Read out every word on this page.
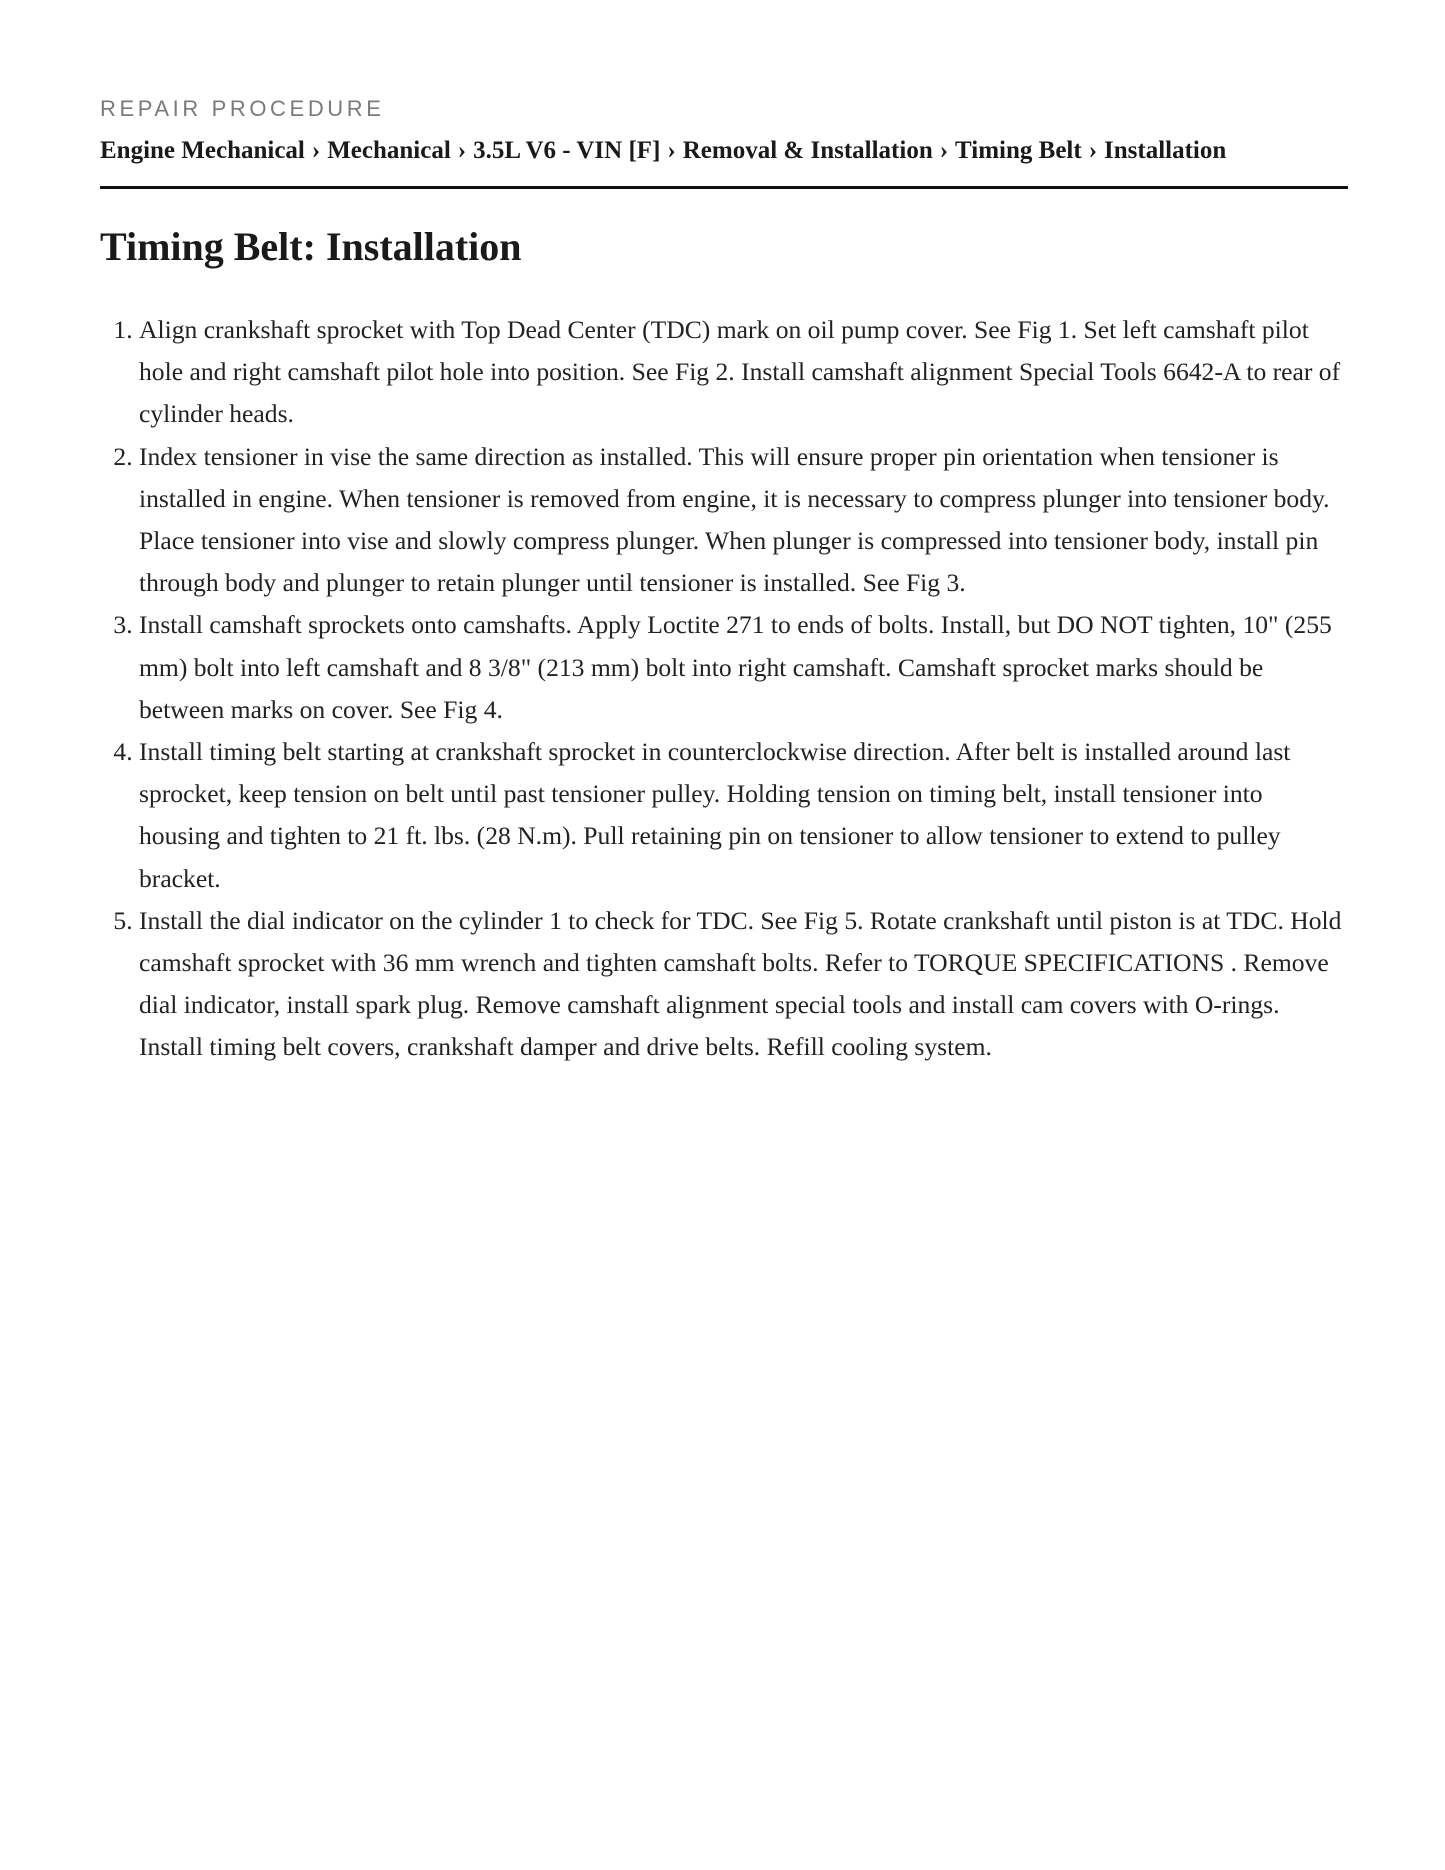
REPAIR PROCEDURE
Engine Mechanical › Mechanical › 3.5L V6 - VIN [F] › Removal & Installation › Timing Belt › Installation
Timing Belt: Installation
1. Align crankshaft sprocket with Top Dead Center (TDC) mark on oil pump cover. See Fig 1. Set left camshaft pilot hole and right camshaft pilot hole into position. See Fig 2. Install camshaft alignment Special Tools 6642-A to rear of cylinder heads.
2. Index tensioner in vise the same direction as installed. This will ensure proper pin orientation when tensioner is installed in engine. When tensioner is removed from engine, it is necessary to compress plunger into tensioner body. Place tensioner into vise and slowly compress plunger. When plunger is compressed into tensioner body, install pin through body and plunger to retain plunger until tensioner is installed. See Fig 3.
3. Install camshaft sprockets onto camshafts. Apply Loctite 271 to ends of bolts. Install, but DO NOT tighten, 10" (255 mm) bolt into left camshaft and 8 3/8" (213 mm) bolt into right camshaft. Camshaft sprocket marks should be between marks on cover. See Fig 4.
4. Install timing belt starting at crankshaft sprocket in counterclockwise direction. After belt is installed around last sprocket, keep tension on belt until past tensioner pulley. Holding tension on timing belt, install tensioner into housing and tighten to 21 ft. lbs. (28 N.m). Pull retaining pin on tensioner to allow tensioner to extend to pulley bracket.
5. Install the dial indicator on the cylinder 1 to check for TDC. See Fig 5. Rotate crankshaft until piston is at TDC. Hold camshaft sprocket with 36 mm wrench and tighten camshaft bolts. Refer to TORQUE SPECIFICATIONS . Remove dial indicator, install spark plug. Remove camshaft alignment special tools and install cam covers with O-rings. Install timing belt covers, crankshaft damper and drive belts. Refill cooling system.
